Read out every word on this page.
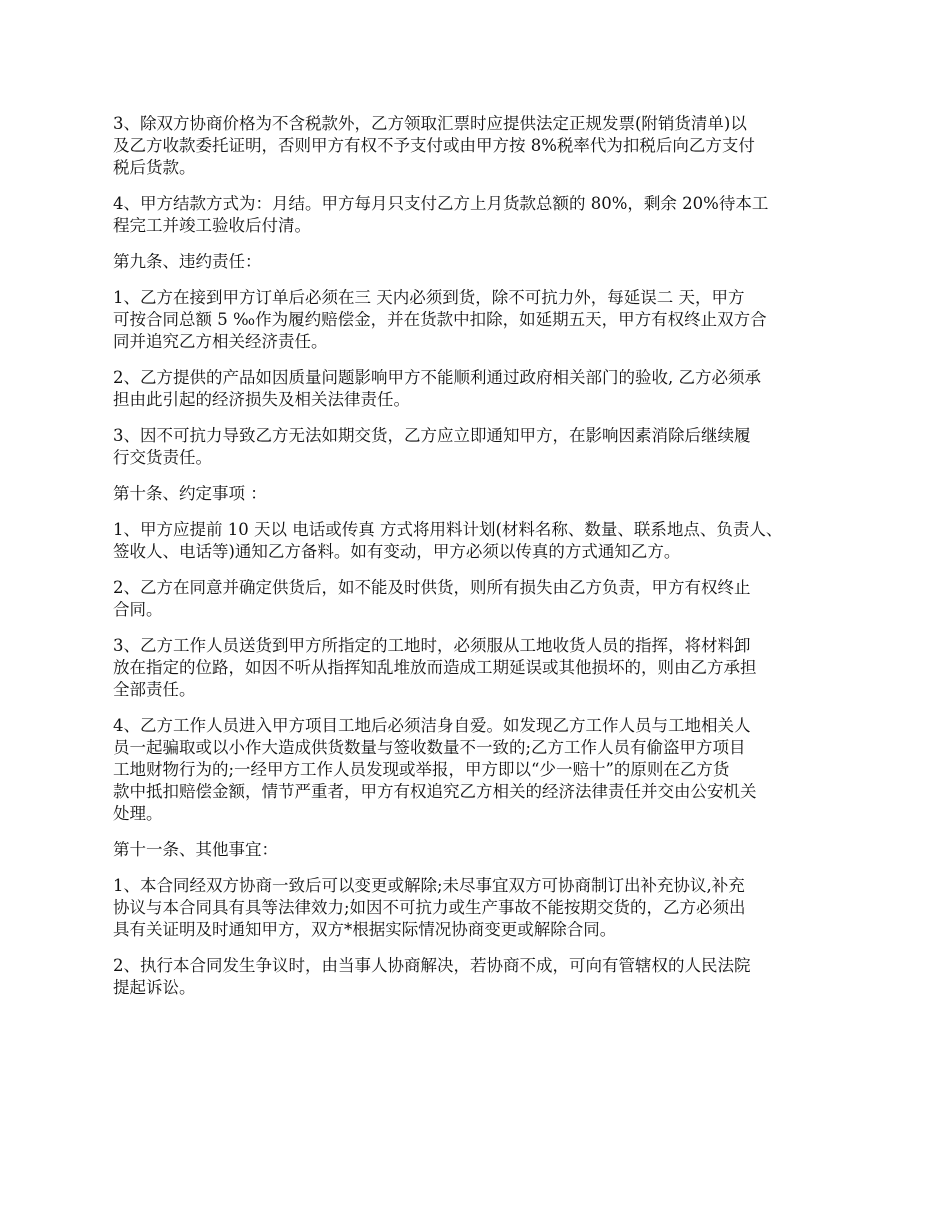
3、除双方协商价格为不含税款外，乙方领取汇票时应提供法定正规发票(附销货清单)以
及乙方收款委托证明，否则甲方有权不予支付或由甲方按 8%税率代为扣税后向乙方支付
税后货款。
4、甲方结款方式为：月结。甲方每月只支付乙方上月货款总额的 80%，剩余 20%待本工
程完工并竣工验收后付清。
第九条、违约责任：
1、乙方在接到甲方订单后必须在三 天内必须到货，除不可抗力外，每延误二 天，甲方
可按合同总额 5 ‰作为履约赔偿金，并在货款中扣除，如延期五天，甲方有权终止双方合
同并追究乙方相关经济责任。
2、乙方提供的产品如因质量问题影响甲方不能顺利通过政府相关部门的验收, 乙方必须承
担由此引起的经济损失及相关法律责任。
3、因不可抗力导致乙方无法如期交货，乙方应立即通知甲方，在影响因素消除后继续履
行交货责任。
第十条、约定事项 ：
1、甲方应提前 10 天以 电话或传真 方式将用料计划(材料名称、数量、联系地点、负责人、
签收人、电话等)通知乙方备料。如有变动，甲方必须以传真的方式通知乙方。
2、乙方在同意并确定供货后，如不能及时供货，则所有损失由乙方负责，甲方有权终止
合同。
3、乙方工作人员送货到甲方所指定的工地时，必须服从工地收货人员的指挥，将材料卸
放在指定的位路，如因不听从指挥知乱堆放而造成工期延误或其他损坏的，则由乙方承担
全部责任。
4、乙方工作人员进入甲方项目工地后必须洁身自爱。如发现乙方工作人员与工地相关人
员一起骗取或以小作大造成供货数量与签收数量不一致的;乙方工作人员有偷盗甲方项目
工地财物行为的;一经甲方工作人员发现或举报，甲方即以“少一赔十”的原则在乙方货
款中抵扣赔偿金额，情节严重者，甲方有权追究乙方相关的经济法律责任并交由公安机关
处理。
第十一条、其他事宜：
1、本合同经双方协商一致后可以变更或解除;未尽事宜双方可协商制订出补充协议,补充
协议与本合同具有具等法律效力;如因不可抗力或生产事故不能按期交货的，乙方必须出
具有关证明及时通知甲方，双方*根据实际情况协商变更或解除合同。
2、执行本合同发生争议时，由当事人协商解决，若协商不成，可向有管辖权的人民法院
提起诉讼。
